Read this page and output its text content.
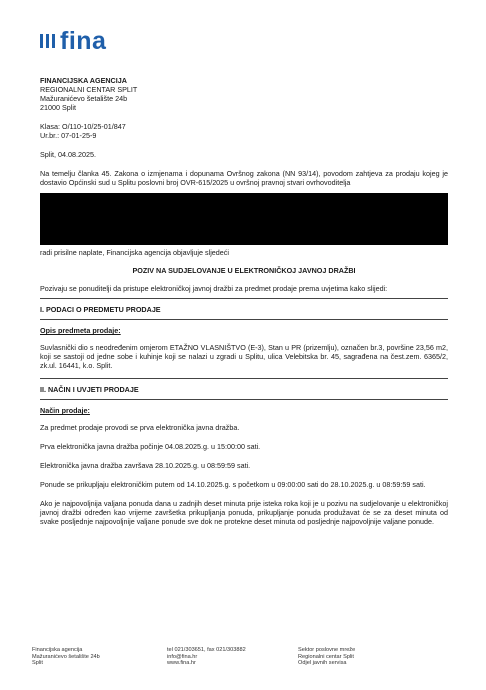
fina

FINANCIJSKA AGENCIJA

REGIONALNI CENTAR SPLIT

Mažuranićevo šetalište 24b

21000 Split

Klasa: O/110-10/25-01/847

Ur.br.: 07-01-25-9

Split, 04.08.2025.

Na temelju članka 45. Zakona o izmjenama i dopunama Ovršnog zakona (NN 93/14), povodom zahtjeva za prodaju kojeg je dostavio Općinski sud u Splitu poslovni broj OVR-615/2025 u ovršnoj pravnoj stvari ovrhovoditelja

radi prisilne naplate, Financijska agencija objavljuje sljedeći

POZIV NA SUDJELOVANJE U ELEKTRONIČKOJ JAVNOJ DRAŽBI

Pozivaju se ponuditelji da pristupe elektroničkoj javnoj dražbi za predmet prodaje prema uvjetima kako slijedi:

I. PODACI O PREDMETU PRODAJE

Opis predmeta prodaje:

Suvlasnički dio s neodređenim omjerom ETAŽNO VLASNIŠTVO (E-3), Stan u PR (prizemlju), označen br.3, površine 23,56 m2, koji se sastoji od jedne sobe i kuhinje koji se nalazi u zgradi u Splitu, ulica Velebitska br. 45, sagrađena na čest.zem. 6365/2, zk.ul. 16441, k.o. Split.

II. NAČIN I UVJETI PRODAJE

Način prodaje:

Za predmet prodaje provodi se prva elektronička javna dražba.

Prva elektronička javna dražba počinje 04.08.2025.g. u 15:00:00 sati.

Elektronička javna dražba završava 28.10.2025.g. u 08:59:59 sati.

Ponude se prikupljaju elektroničkim putem od 14.10.2025.g. s početkom u 09:00:00 sati do 28.10.2025.g. u 08:59:59 sati.

Ako je najpovoljnija valjana ponuda dana u zadnjih deset minuta prije isteka roka koji je u pozivu na sudjelovanje u elektroničkoj javnoj dražbi određen kao vrijeme završetka prikupljanja ponuda, prikupljanje ponuda produžavat će se za deset minuta od svake posljednje najpovoljnije valjane ponude sve dok ne protekne deset minuta od posljednje najpovoljnije valjane ponude.

Financijska agencija
Mažuranićevo šetalište 24b
Split
tel 021/303651, fax 021/303882
info@fina.hr
www.fina.hr
Sektor poslovne mreže
Regionalni centar Split
Odjel javnih servisa
